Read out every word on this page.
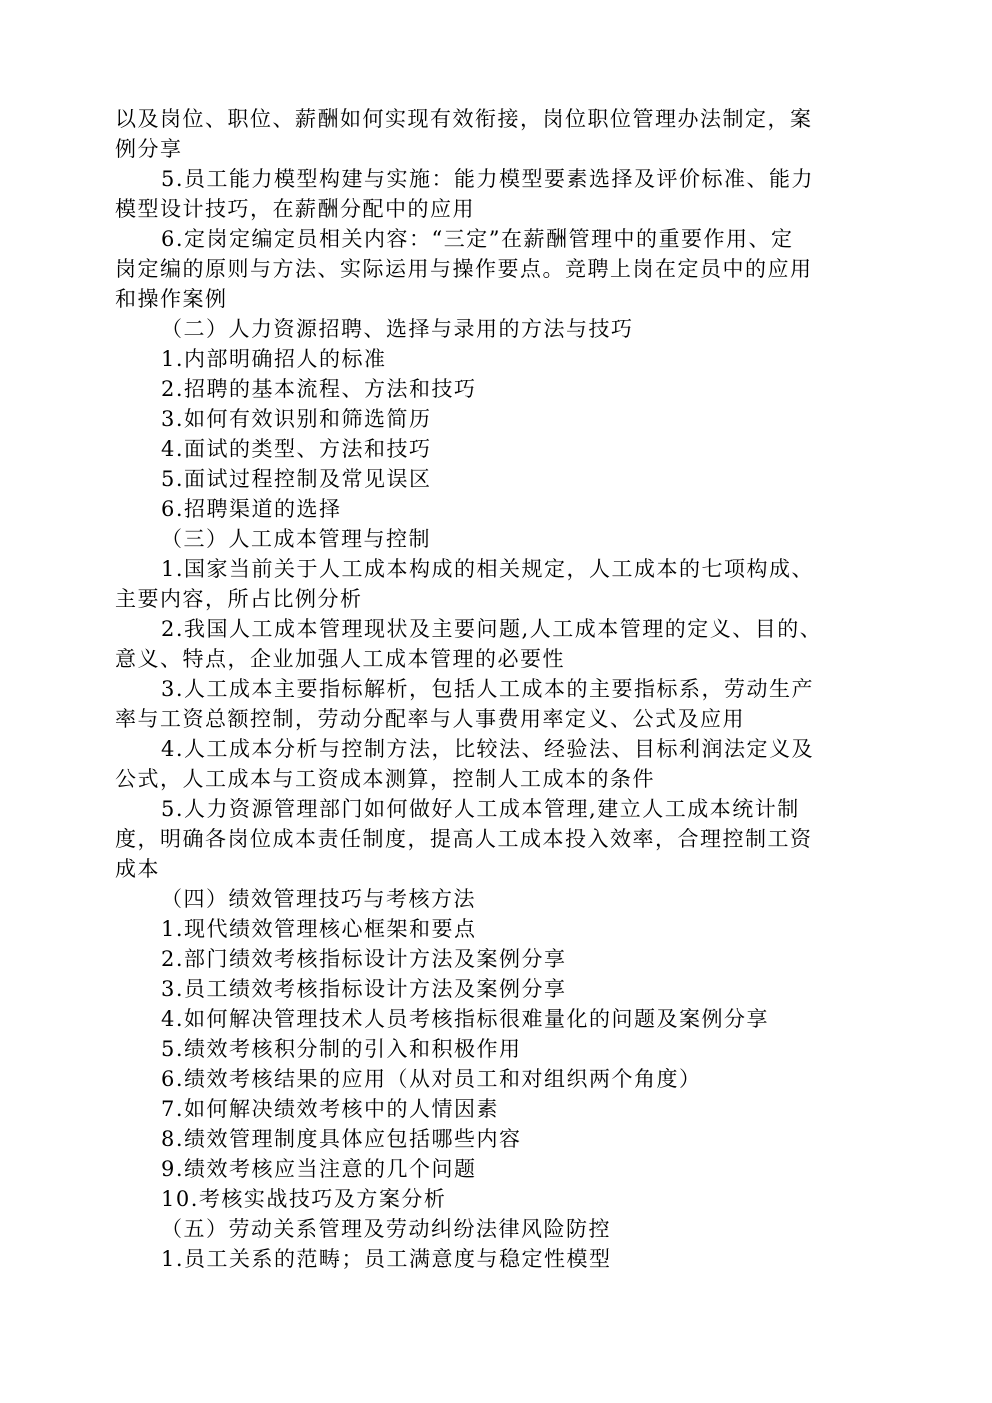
以及岗位、职位、薪酬如何实现有效衔接，岗位职位管理办法制定，案
例分享
5.员工能力模型构建与实施：能力模型要素选择及评价标准、能力
模型设计技巧，在薪酬分配中的应用
6.定岗定编定员相关内容：“三定”在薪酬管理中的重要作用、定
岗定编的原则与方法、实际运用与操作要点。竞聘上岗在定员中的应用
和操作案例
（二）人力资源招聘、选择与录用的方法与技巧
1.内部明确招人的标准
2.招聘的基本流程、方法和技巧
3.如何有效识别和筛选简历
4.面试的类型、方法和技巧
5.面试过程控制及常见误区
6.招聘渠道的选择
（三）人工成本管理与控制
1.国家当前关于人工成本构成的相关规定，人工成本的七项构成、
主要内容，所占比例分析
2.我国人工成本管理现状及主要问题,人工成本管理的定义、目的、
意义、特点，企业加强人工成本管理的必要性
3.人工成本主要指标解析，包括人工成本的主要指标系，劳动生产
率与工资总额控制，劳动分配率与人事费用率定义、公式及应用
4.人工成本分析与控制方法，比较法、经验法、目标利润法定义及
公式，人工成本与工资成本测算，控制人工成本的条件
5.人力资源管理部门如何做好人工成本管理,建立人工成本统计制
度，明确各岗位成本责任制度，提高人工成本投入效率，合理控制工资
成本
（四）绩效管理技巧与考核方法
1.现代绩效管理核心框架和要点
2.部门绩效考核指标设计方法及案例分享
3.员工绩效考核指标设计方法及案例分享
4.如何解决管理技术人员考核指标很难量化的问题及案例分享
5.绩效考核积分制的引入和积极作用
6.绩效考核结果的应用（从对员工和对组织两个角度）
7.如何解决绩效考核中的人情因素
8.绩效管理制度具体应包括哪些内容
9.绩效考核应当注意的几个问题
10.考核实战技巧及方案分析
（五）劳动关系管理及劳动纠纷法律风险防控
1.员工关系的范畴；员工满意度与稳定性模型
